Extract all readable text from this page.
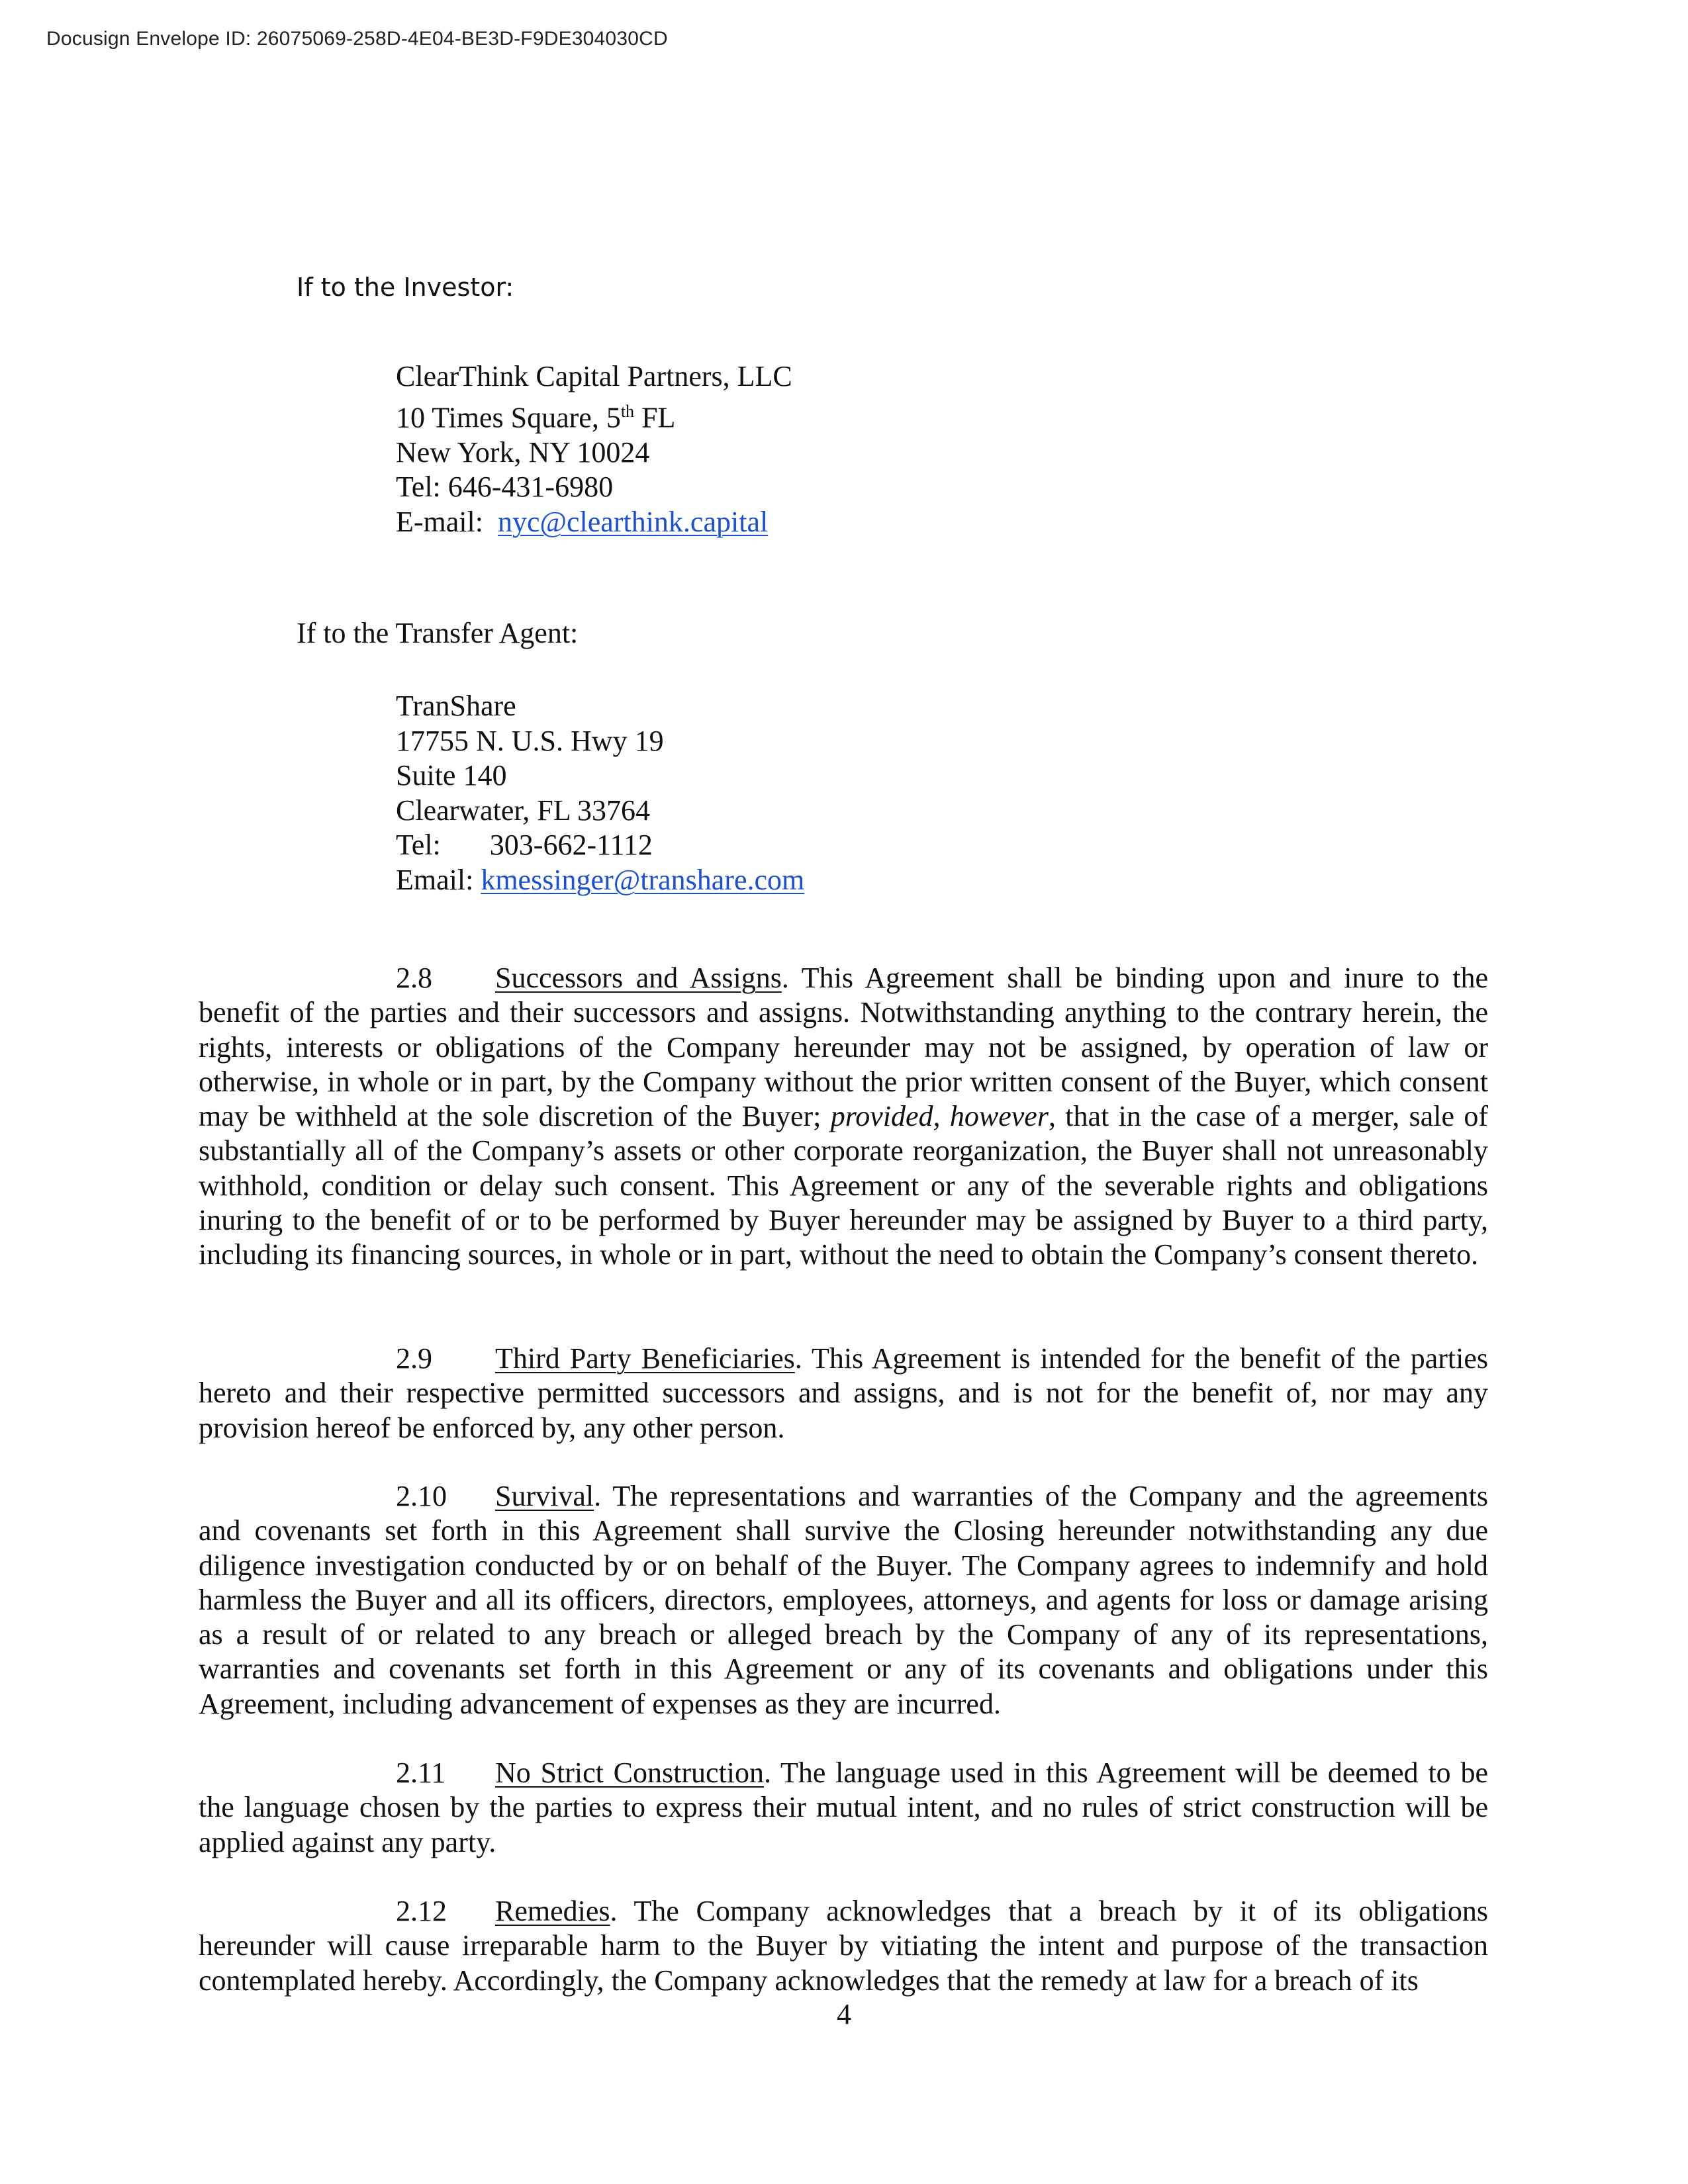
Docusign Envelope ID: 26075069-258D-4E04-BE3D-F9DE304030CD
If to the Investor:
ClearThink Capital Partners, LLC
10 Times Square, 5th FL
New York, NY 10024
Tel: 646-431-6980
E-mail: nyc@clearthink.capital
If to the Transfer Agent:
TranShare
17755 N. U.S. Hwy 19
Suite 140
Clearwater, FL 33764
Tel: 303-662-1112
Email: kmessinger@transhare.com
2.8 Successors and Assigns. This Agreement shall be binding upon and inure to the benefit of the parties and their successors and assigns. Notwithstanding anything to the contrary herein, the rights, interests or obligations of the Company hereunder may not be assigned, by operation of law or otherwise, in whole or in part, by the Company without the prior written consent of the Buyer, which consent may be withheld at the sole discretion of the Buyer; provided, however, that in the case of a merger, sale of substantially all of the Company’s assets or other corporate reorganization, the Buyer shall not unreasonably withhold, condition or delay such consent. This Agreement or any of the severable rights and obligations inuring to the benefit of or to be performed by Buyer hereunder may be assigned by Buyer to a third party, including its financing sources, in whole or in part, without the need to obtain the Company’s consent thereto.
2.9 Third Party Beneficiaries. This Agreement is intended for the benefit of the parties hereto and their respective permitted successors and assigns, and is not for the benefit of, nor may any provision hereof be enforced by, any other person.
2.10 Survival. The representations and warranties of the Company and the agreements and covenants set forth in this Agreement shall survive the Closing hereunder notwithstanding any due diligence investigation conducted by or on behalf of the Buyer. The Company agrees to indemnify and hold harmless the Buyer and all its officers, directors, employees, attorneys, and agents for loss or damage arising as a result of or related to any breach or alleged breach by the Company of any of its representations, warranties and covenants set forth in this Agreement or any of its covenants and obligations under this Agreement, including advancement of expenses as they are incurred.
2.11 No Strict Construction. The language used in this Agreement will be deemed to be the language chosen by the parties to express their mutual intent, and no rules of strict construction will be applied against any party.
2.12 Remedies. The Company acknowledges that a breach by it of its obligations hereunder will cause irreparable harm to the Buyer by vitiating the intent and purpose of the transaction contemplated hereby. Accordingly, the Company acknowledges that the remedy at law for a breach of its
4
